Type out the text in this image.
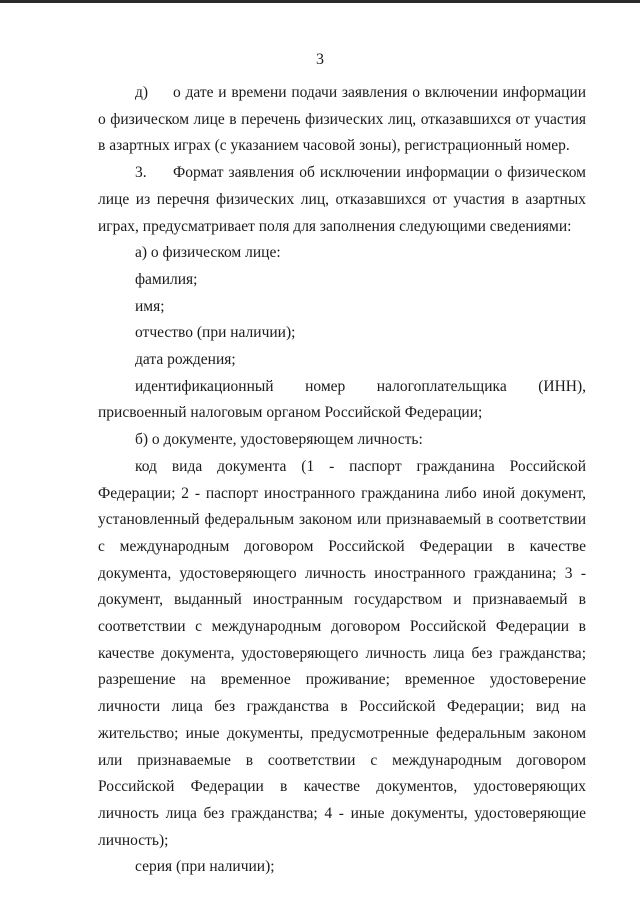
3

д) о дате и времени подачи заявления о включении информации о физическом лице в перечень физических лиц, отказавшихся от участия в азартных играх (с указанием часовой зоны), регистрационный номер.

3. Формат заявления об исключении информации о физическом лице из перечня физических лиц, отказавшихся от участия в азартных играх, предусматривает поля для заполнения следующими сведениями:

а) о физическом лице:

фамилия;

имя;

отчество (при наличии);

дата рождения;

идентификационный номер налогоплательщика (ИНН), присвоенный налоговым органом Российской Федерации;

б) о документе, удостоверяющем личность:

код вида документа (1 - паспорт гражданина Российской Федерации; 2 - паспорт иностранного гражданина либо иной документ, установленный федеральным законом или признаваемый в соответствии с международным договором Российской Федерации в качестве документа, удостоверяющего личность иностранного гражданина; 3 - документ, выданный иностранным государством и признаваемый в соответствии с международным договором Российской Федерации в качестве документа, удостоверяющего личность лица без гражданства; разрешение на временное проживание; временное удостоверение личности лица без гражданства в Российской Федерации; вид на жительство; иные документы, предусмотренные федеральным законом или признаваемые в соответствии с международным договором Российской Федерации в качестве документов, удостоверяющих личность лица без гражданства; 4 - иные документы, удостоверяющие личность);

серия (при наличии);
